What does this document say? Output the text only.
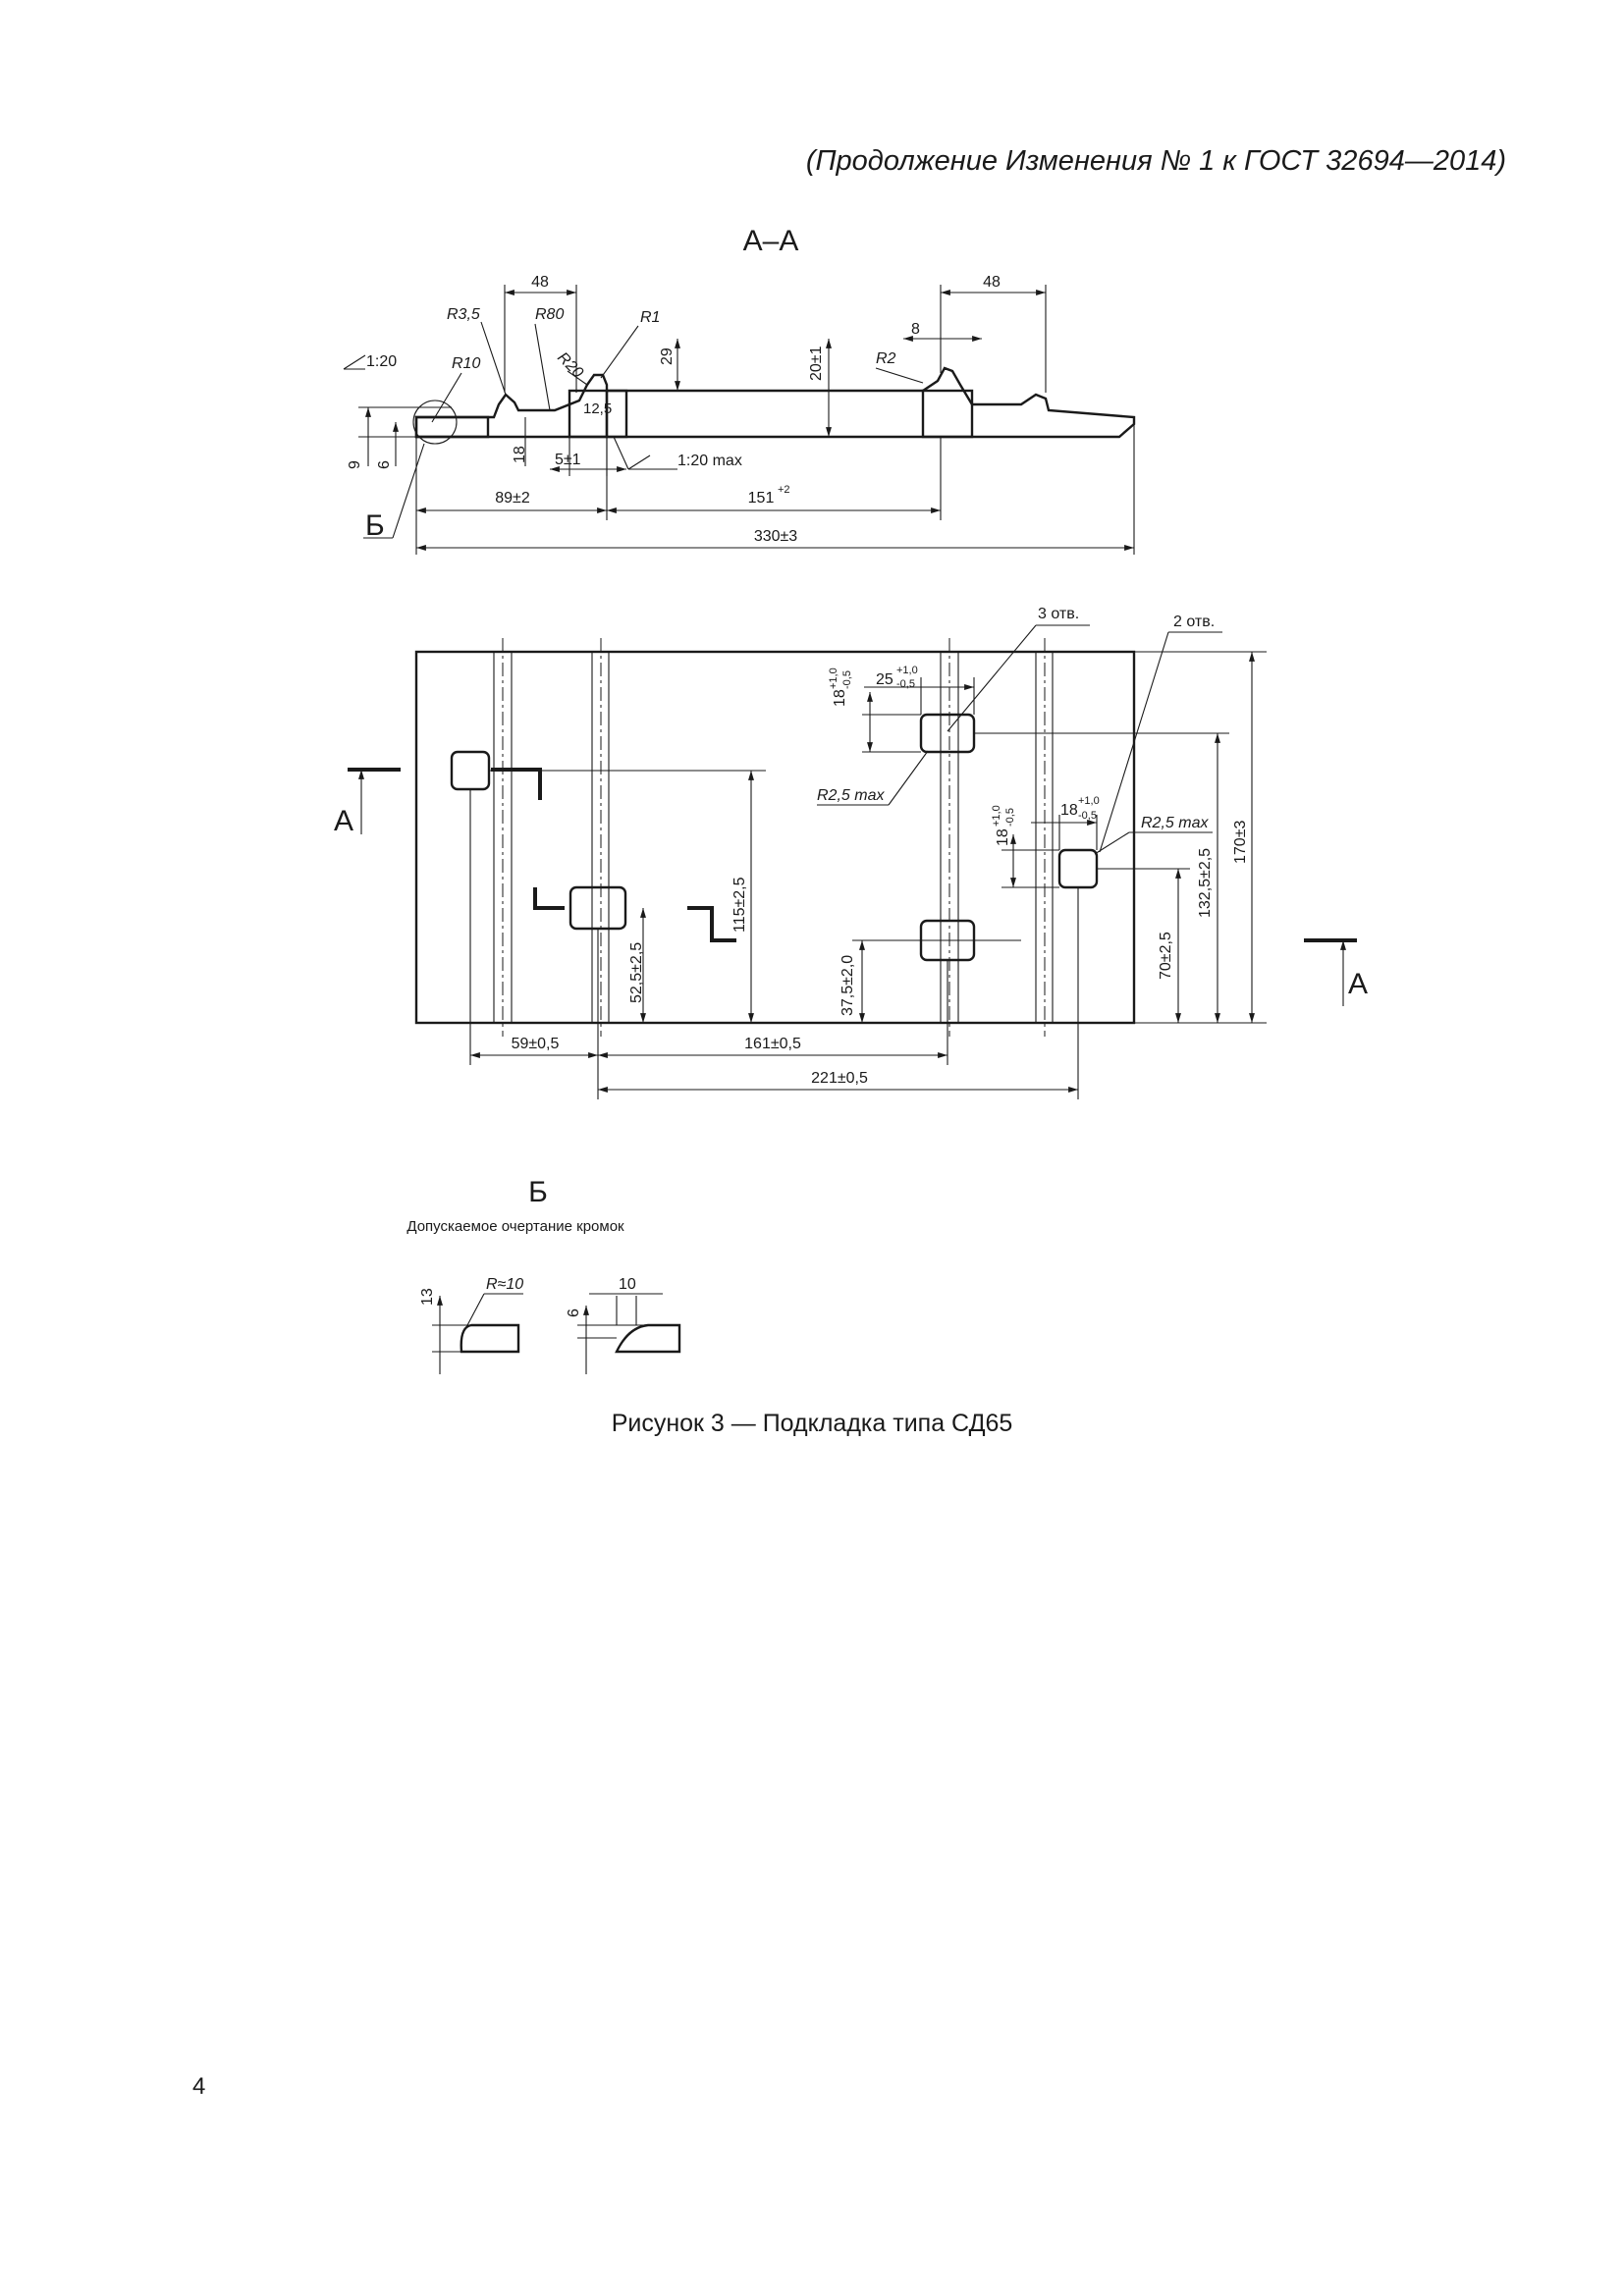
(Продолжение Изменения № 1 к ГОСТ 32694—2014)
А–А
Б
48	48
R3,5	R80	R1
R10	R20	R2
1:20	29	20±1
8
12,5
18
9 6	5±1	1:20 max
89±2	151 +2
330±3
А
А
3 отв.	2 отв.
25
+1,0
-0,5
18
+1,0 -0,5
R2,5 max
18
+1,0 -0,5	18
+1,0
-0,5	R2,5 max
115±2,5
52,5±2,5	37,5±2,0	70±2,5
132,5±2,5
170±3
59±0,5	161±0,5
221±0,5
Б
Допускаемое очертание кромок
13
R≈10
6
10
Рисунок 3 — Подкладка типа СД65
4
